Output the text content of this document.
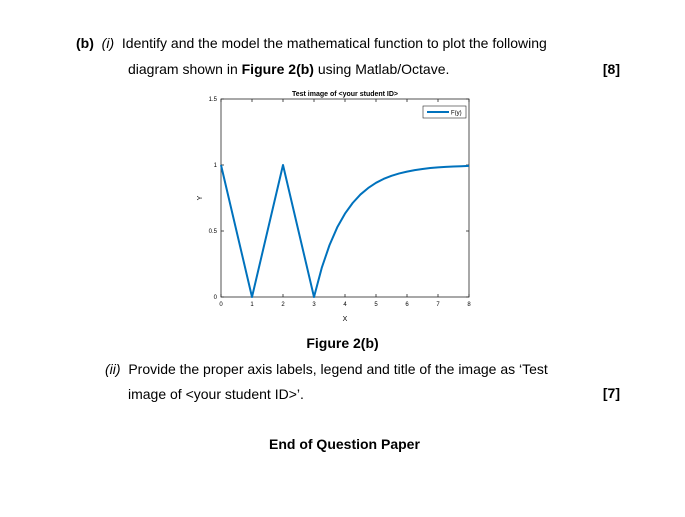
(b) (i) Identify and the model the mathematical function to plot the following
diagram shown in Figure 2(b) using Matlab/Octave.	[8]
Test image of <your student ID>
0	1	2	3	4	5	6	7	8
0
0.5
1
1.5
X
Y
F(y)
Figure 2(b)
(ii) Provide the proper axis labels, legend and title of the image as ‘Test
image of <your student ID>’.	[7]
End of Question Paper
